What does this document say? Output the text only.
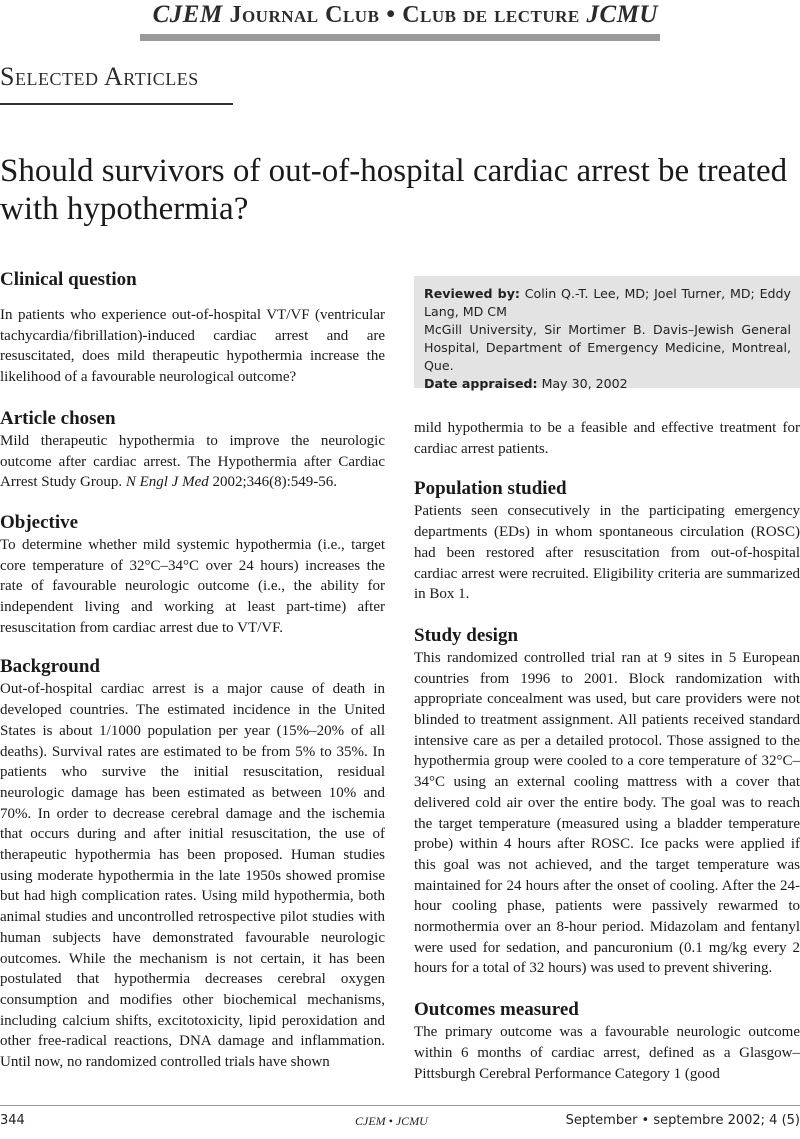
CJEM Journal Club • Club de lecture JCMU
Selected Articles
Should survivors of out-of-hospital cardiac arrest be treated with hypothermia?
Clinical question

In patients who experience out-of-hospital VT/VF (ventricular tachycardia/fibrillation)-induced cardiac arrest and are resuscitated, does mild therapeutic hypothermia increase the likelihood of a favourable neurological outcome?

Article chosen

Mild therapeutic hypothermia to improve the neurologic outcome after cardiac arrest. The Hypothermia after Cardiac Arrest Study Group. N Engl J Med 2002;346(8):549-56.

Objective

To determine whether mild systemic hypothermia (i.e., target core temperature of 32°C–34°C over 24 hours) increases the rate of favourable neurologic outcome (i.e., the ability for independent living and working at least part-time) after resuscitation from cardiac arrest due to VT/VF.

Background

Out-of-hospital cardiac arrest is a major cause of death in developed countries. The estimated incidence in the United States is about 1/1000 population per year (15%–20% of all deaths). Survival rates are estimated to be from 5% to 35%. In patients who survive the initial resuscitation, residual neurologic damage has been estimated as between 10% and 70%. In order to decrease cerebral damage and the ischemia that occurs during and after initial resuscitation, the use of therapeutic hypothermia has been proposed. Human studies using moderate hypothermia in the late 1950s showed promise but had high complication rates. Using mild hypothermia, both animal studies and uncontrolled retrospective pilot studies with human subjects have demonstrated favourable neurologic outcomes. While the mechanism is not certain, it has been postulated that hypothermia decreases cerebral oxygen consumption and modifies other biochemical mechanisms, including calcium shifts, excitotoxicity, lipid peroxidation and other free-radical reactions, DNA damage and inflammation. Until now, no randomized controlled trials have shown

Reviewed by: Colin Q.-T. Lee, MD; Joel Turner, MD; Eddy Lang, MD CM

McGill University, Sir Mortimer B. Davis–Jewish General Hospital, Department of Emergency Medicine, Montreal, Que.

Date appraised: May 30, 2002

mild hypothermia to be a feasible and effective treatment for cardiac arrest patients.

Population studied

Patients seen consecutively in the participating emergency departments (EDs) in whom spontaneous circulation (ROSC) had been restored after resuscitation from out-of-hospital cardiac arrest were recruited. Eligibility criteria are summarized in Box 1.

Study design

This randomized controlled trial ran at 9 sites in 5 European countries from 1996 to 2001. Block randomization with appropriate concealment was used, but care providers were not blinded to treatment assignment. All patients received standard intensive care as per a detailed protocol. Those assigned to the hypothermia group were cooled to a core temperature of 32°C–34°C using an external cooling mattress with a cover that delivered cold air over the entire body. The goal was to reach the target temperature (measured using a bladder temperature probe) within 4 hours after ROSC. Ice packs were applied if this goal was not achieved, and the target temperature was maintained for 24 hours after the onset of cooling. After the 24-hour cooling phase, patients were passively rewarmed to normothermia over an 8-hour period. Midazolam and fentanyl were used for sedation, and pancuronium (0.1 mg/kg every 2 hours for a total of 32 hours) was used to prevent shivering.

Outcomes measured

The primary outcome was a favourable neurologic outcome within 6 months of cardiac arrest, defined as a Glasgow–Pittsburgh Cerebral Performance Category 1 (good

344	CJEM • JCMU	September • septembre 2002; 4 (5)
